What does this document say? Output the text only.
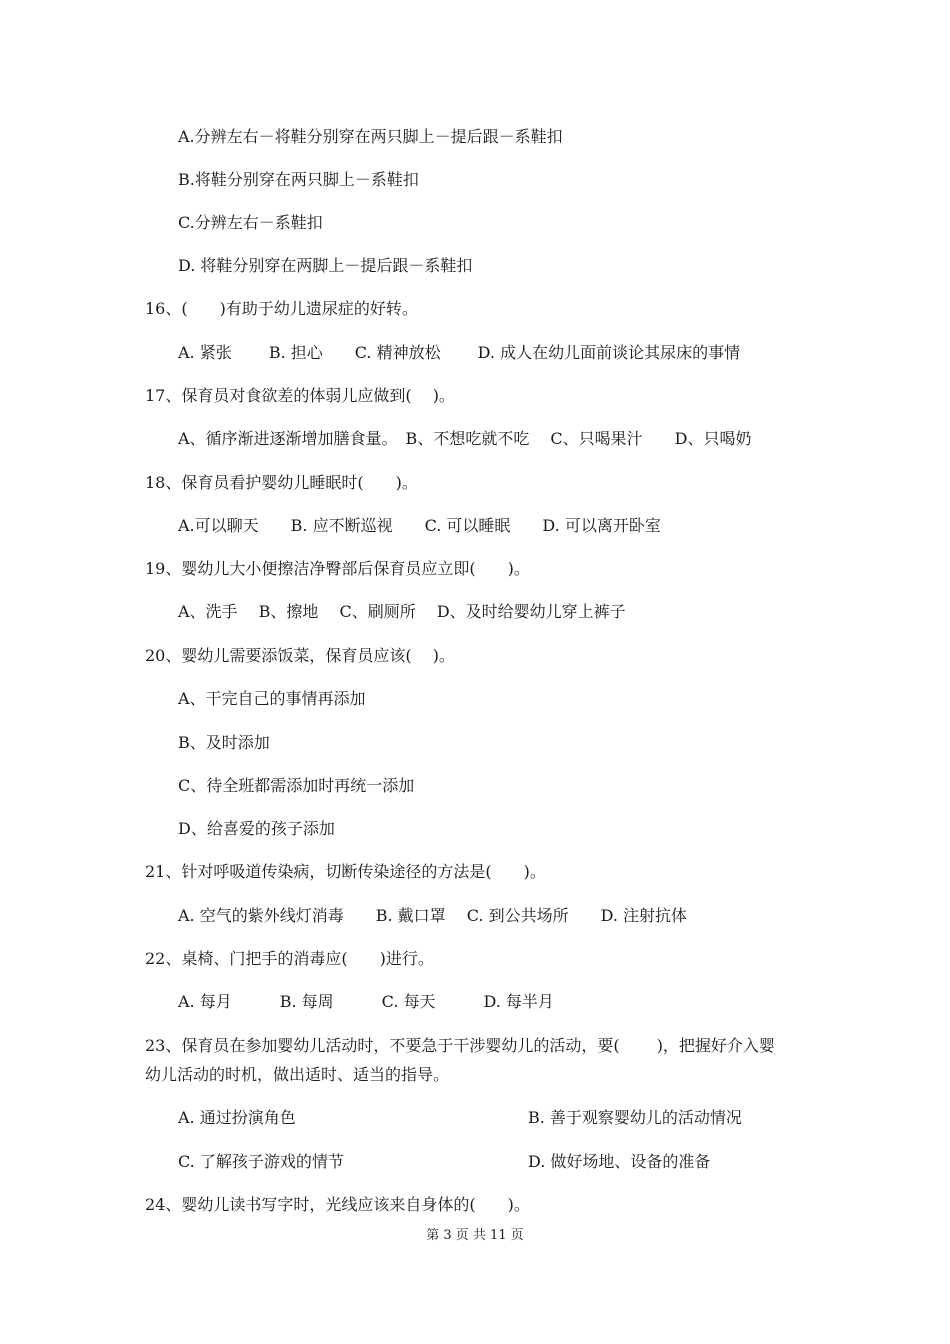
A.分辨左右－将鞋分别穿在两只脚上－提后跟－系鞋扣
B.将鞋分别穿在两只脚上－系鞋扣
C.分辨左右－系鞋扣
D. 将鞋分别穿在两脚上－提后跟－系鞋扣
16、(　　)有助于幼儿遗尿症的好转。
A. 紧张　　 B. 担心　　C. 精神放松　　 D. 成人在幼儿面前谈论其尿床的事情
17、保育员对食欲差的体弱儿应做到(　 )。
A、循序渐进逐渐增加膳食量。　B、不想吃就不吃　 C、只喝果汁　　D、只喝奶
18、保育员看护婴幼儿睡眠时(　　)。
A.可以聊天　　B. 应不断巡视　　C. 可以睡眠　　D. 可以离开卧室
19、婴幼儿大小便擦洁净臀部后保育员应立即(　　)。
A、洗手　 B、擦地　 C、刷厕所　 D、及时给婴幼儿穿上裤子
20、婴幼儿需要添饭菜，保育员应该(　 )。
A、干完自己的事情再添加
B、及时添加
C、待全班都需添加时再统一添加
D、给喜爱的孩子添加
21、针对呼吸道传染病，切断传染途径的方法是(　　)。
A. 空气的紫外线灯消毒　　B. 戴口罩　 C. 到公共场所　　D. 注射抗体
22、桌椅、门把手的消毒应(　　)进行。
A. 每月　　　B. 每周　　　C. 每天　　　D. 每半月
23、保育员在参加婴幼儿活动时，不要急于干涉婴幼儿的活动，要(　　 )，把握好介入婴
幼儿活动的时机，做出适时、适当的指导。
A. 通过扮演角色	B. 善于观察婴幼儿的活动情况
C. 了解孩子游戏的情节	D. 做好场地、设备的准备
24、婴幼儿读书写字时，光线应该来自身体的(　　)。
第 3 页 共 11 页
